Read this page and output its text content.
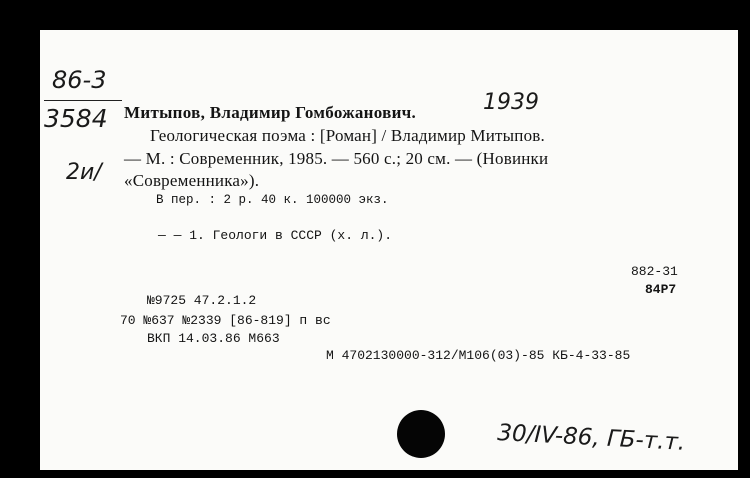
86-3
3584
2и/
1939
Митыпов, Владимир Гомбожанович.
Геологическая поэма : [Роман] / Владимир Митыпов.
— М. : Современник, 1985. — 560 с.; 20 см. — (Новинки
«Современника»).
В пер. : 2 р. 40 к. 100000 экз.
— — 1. Геологи в СССР (х. л.).
882-31
84Р7
№9725 47.2.1.2
70 №637 №2339 [86-819] п вс
ВКП 14.03.86 М663
М 4702130000-312/М106(03)-85 КБ-4-33-85
30/IV-86, ГБ-т.т.
